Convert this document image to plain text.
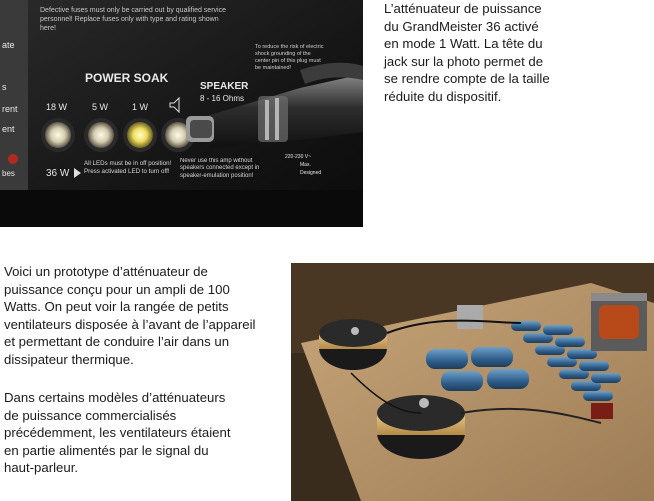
ate
s
rent
ent
bes
Defective fuses must only be carried out by qualified service personnel! Replace fuses only with type and rating shown here!
POWER SOAK
SPEAKER
8 - 16 Ohms
To reduce the risk of electric shock grounding of the center pin of this plug must be maintained!
18 W	5 W	1 W
36 W
All LEDs must be in off position! Press activated LED to turn off!
Never use this amp without speakers connected except in speaker-emulation position!
220-230 V~
Max.
Designed
L’atténuateur de puissance
du GrandMeister 36 activé
en mode 1 Watt. La tête du
jack sur la photo permet de
se rendre compte de la taille
réduite du dispositif.
Voici un prototype d’atténuateur de
puissance conçu pour un ampli de 100
Watts. On peut voir la rangée de petits
ventilateurs disposée à l’avant de l’appareil
et permettant de conduire l’air dans un
dissipateur thermique.
Dans certains modèles d’atténuateurs
de puissance commercialisés
précédemment, les ventilateurs étaient
en partie alimentés par le signal du
haut-parleur.
